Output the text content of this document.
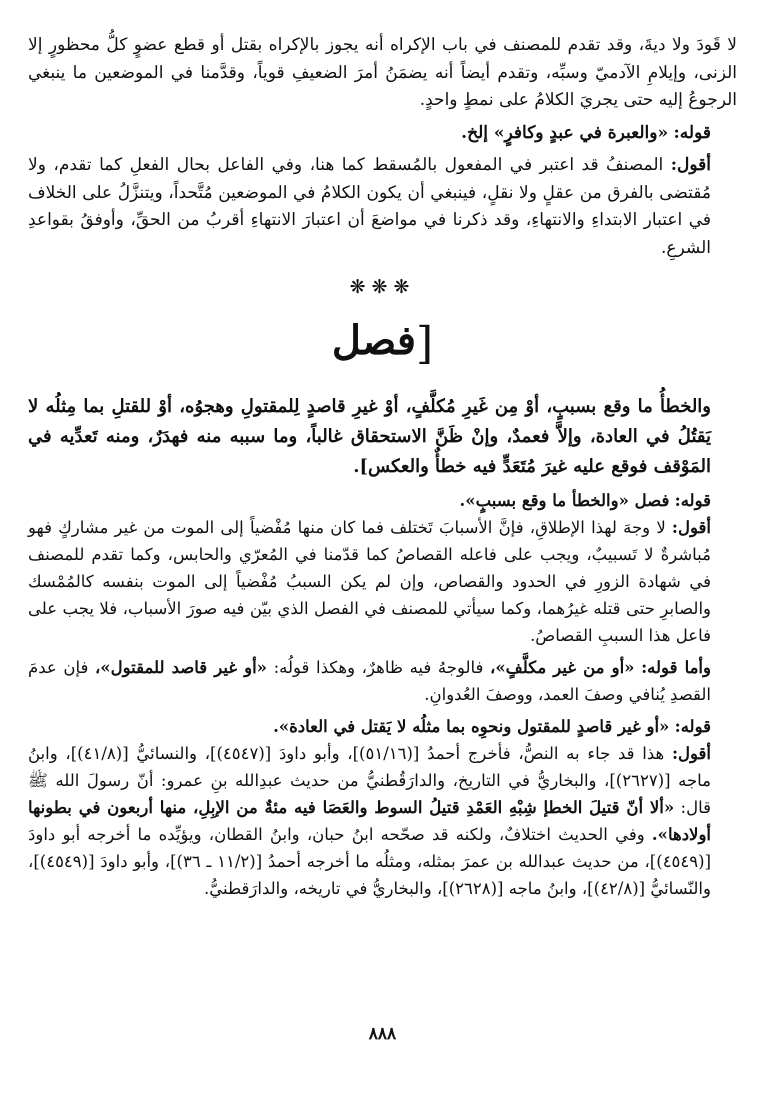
لا قَودَ ولا ديةَ، وقد تقدم للمصنف في باب الإكراه أنه يجوز بالإكراه بقتل أو قطع عضوٍ كلُّ محظورٍ إلا الزنى، وإيلامِ الآدميّ وسبِّه، وتقدم أيضاً أنه يضمَنُ أمرَ الضعيفِ قوياً، وقدَّمنا في الموضعين ما ينبغي الرجوعُ إليه حتى يجريَ الكلامُ على نمطٍ واحدٍ.

قوله: «والعبرة في عبدٍ وكافرٍ» إلخ.

أقول: المصنفُ قد اعتبر في المفعول بالمُسقط كما هنا، وفي الفاعل بحال الفعلِ كما تقدم، ولا مُقتضى بالفرق من عقلٍ ولا نقلٍ، فينبغي أن يكون الكلامُ في الموضعين مُتَّحداً، ويتنزَّلُ على الخلاف في اعتبار الابتداءِ والانتهاءِ، وقد ذكرنا في مواضعَ أن اعتبارَ الانتهاءِ أقربُ من الحقِّ، وأوفقُ بقواعدِ الشرعِ.

❋❋❋
[فصل

والخطأُ ما وقع بسببٍ، أوْ مِن غَيرِ مُكلَّفٍ، أوْ غيرِ قاصدٍ لِلمقتولِ وهجوُه، أوْ للقتلِ بما مِثلُه لا يَقتُلُ في العادة، وإلاَّ فعمدٌ، وإنْ ظَنَّ الاستحقاق غالباً، وما سببه منه فهدَرٌ، ومنه تَعدِّيه في المَوْقف فوقع عليه غيرَ مُتَعَدٍّ فيه خطأٌ والعكس].

قوله: فصل «والخطأ ما وقع بسببٍ».

أقول: لا وجهَ لهذا الإطلاقِ، فإنَّ الأسبابَ تَختلف فما كان منها مُفْضياً إلى الموت من غير مشاركٍ فهو مُباشرةٌ لا تَسبيبٌ، ويجب على فاعله القصاصُ كما قدّمنا في المُعرّي والحابس، وكما تقدم للمصنف في شهادة الزورِ في الحدود والقصاص، وإن لم يكن السببُ مُفْضياً إلى الموت بنفسه كالمُمْسك والصابرِ حتى قتله غيرُهما، وكما سيأتي للمصنف في الفصل الذي بيّن فيه صورَ الأسباب، فلا يجب على فاعل هذا السببِ القصاصُ.

وأما قوله: «أو من غير مكلَّفٍ»، فالوجهُ فيه ظاهرٌ، وهكذا قولُه: «أو غير قاصد للمقتول»، فإن عدمَ القصدِ يُنافي وصفَ العمد، ووصفَ العُدوانِ.

قوله: «أو غير قاصدٍ للمقتول ونحوِه بما مثلُه لا يَقتل في العادة».

أقول: هذا قد جاء به النصُّ، فأخرج أحمدُ [(٥١/١٦)]، وأبو داودَ [(٤٥٤٧)]، والنسائيُّ [(٤١/٨)]، وابنُ ماجه [(٢٦٢٧)]، والبخاريُّ في التاريخ، والدارَقُطنيُّ من حديث عبدِالله بنِ عمرو: أنّ رسولَ الله ﷺ قال: «ألا أنّ قتيلَ الخطإ شِبْهِ العَمْدِ قتيلُ السوط والعَصَا فيه مئةٌ من الإبِلِ، منها أربعون في بطونها أولادها». وفي الحديث اختلافٌ، ولكنه قد صحّحه ابنُ حبان، وابنُ القطان، ويؤيِّده ما أخرجه أبو داودَ [(٤٥٤٩)]، من حديث عبدالله بن عمرَ بمثله، ومثلُه ما أخرجه أحمدُ [(١١/٢ ـ ٣٦)]، وأبو داودَ [(٤٥٤٩)]، والنّسائيُّ [(٤٢/٨)]، وابنُ ماجه [(٢٦٢٨)]، والبخاريُّ في تاريخه، والدارَقطنيُّ.

٨٨٨
